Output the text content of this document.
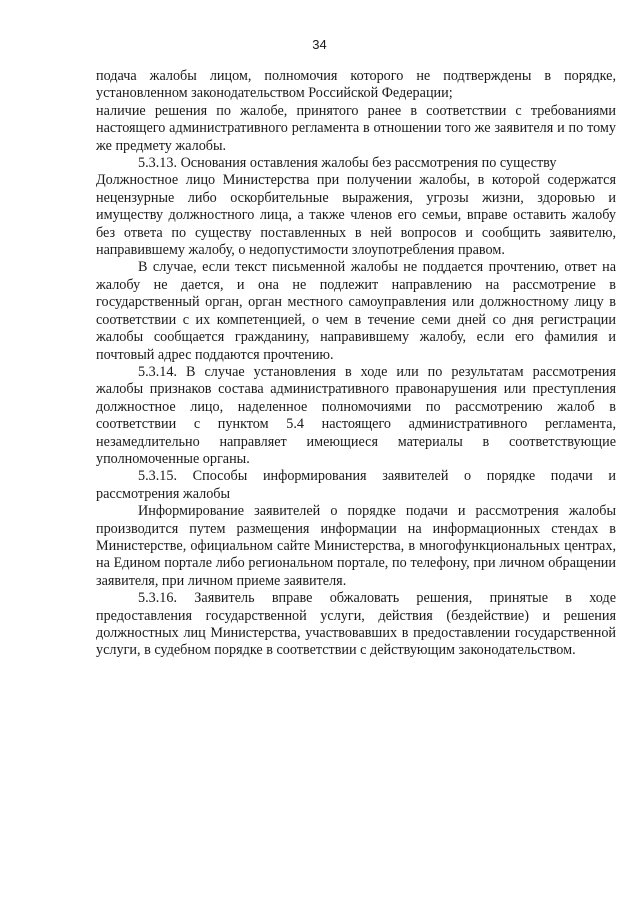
34

подача жалобы лицом, полномочия которого не подтверждены в порядке, установленном законодательством Российской Федерации;

наличие решения по жалобе, принятого ранее в соответствии с требованиями настоящего административного регламента в отношении того же заявителя и по тому же предмету жалобы.

5.3.13. Основания оставления жалобы без рассмотрения по существу

Должностное лицо Министерства при получении жалобы, в которой содержатся нецензурные либо оскорбительные выражения, угрозы жизни, здоровью и имуществу должностного лица, а также членов его семьи, вправе оставить жалобу без ответа по существу поставленных в ней вопросов и сообщить заявителю, направившему жалобу, о недопустимости злоупотребления правом.

В случае, если текст письменной жалобы не поддается прочтению, ответ на жалобу не дается, и она не подлежит направлению на рассмотрение в государственный орган, орган местного самоуправления или должностному лицу в соответствии с их компетенцией, о чем в течение семи дней со дня регистрации жалобы сообщается гражданину, направившему жалобу, если его фамилия и почтовый адрес поддаются прочтению.

5.3.14. В случае установления в ходе или по результатам рассмотрения жалобы признаков состава административного правонарушения или преступления должностное лицо, наделенное полномочиями по рассмотрению жалоб в соответствии с пунктом 5.4 настоящего административного регламента, незамедлительно направляет имеющиеся материалы в соответствующие уполномоченные органы.

5.3.15. Способы информирования заявителей о порядке подачи и рассмотрения жалобы

Информирование заявителей о порядке подачи и рассмотрения жалобы производится путем размещения информации на информационных стендах в Министерстве, официальном сайте Министерства, в многофункциональных центрах, на Едином портале либо региональном портале, по телефону, при личном обращении заявителя, при личном приеме заявителя.

5.3.16. Заявитель вправе обжаловать решения, принятые в ходе предоставления государственной услуги, действия (бездействие) и решения должностных лиц Министерства, участвовавших в предоставлении государственной услуги, в судебном порядке в соответствии с действующим законодательством.
